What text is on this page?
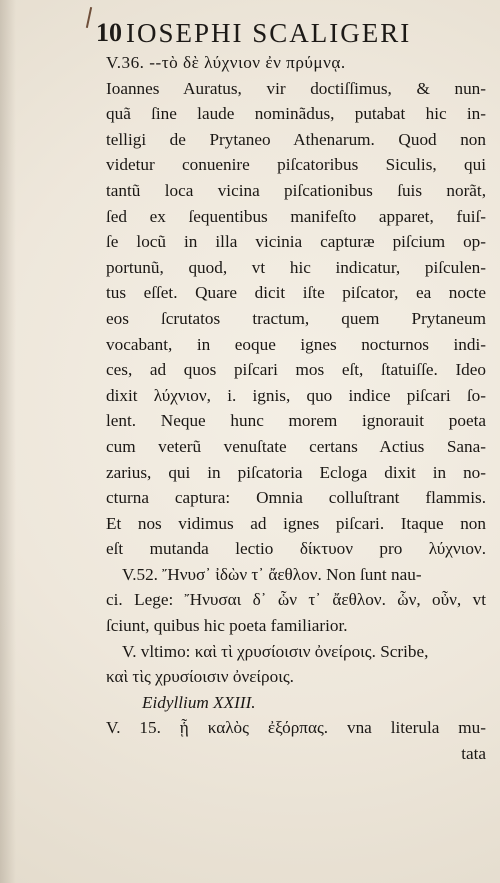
10 IOSEPHI SCALIGERI
V.36. --τὸ δὲ λύχνιον ἐν πρύμνᾳ.
Ioannes Auratus, vir doctiſſimus, & nun-
quã ſine laude nominãdus, putabat hic in-
telligi de Prytaneo Athenarum. Quod non
videtur conuenire piſcatoribus Siculis, qui
tantũ loca vicina piſcationibus ſuis norãt,
ſed ex ſequentibus manifeſto apparet, fuiſ-
ſe locũ in illa vicinia capturæ piſcium op-
portunũ, quod, vt hic indicatur, piſculen-
tus eſſet. Quare dicit iſte piſcator, ea nocte
eos ſcrutatos tractum, quem Prytaneum
vocabant, in eoque ignes nocturnos indi-
ces, ad quos piſcari mos eſt, ſtatuiſſe. Ideo
dixit λύχνιον, i. ignis, quo indice piſcari ſo-
lent. Neque hunc morem ignorauit poeta
cum veterũ venuſtate certans Actius Sana-
zarius, qui in piſcatoria Ecloga dixit in no-
cturna captura: Omnia colluſtrant flammis.
Et nos vidimus ad ignes piſcari. Itaque non
eſt mutanda lectio δίκτυον pro λύχνιον.
V.52. Ἤνυσ᾽ ἰδὼν τ᾽ ἄεθλον. Non ſunt nau-
ci. Lege: Ἤνυσαι δ᾽ ὧν τ᾽ ἄεθλον. ὧν, οὖν, vt
ſciunt, quibus hic poeta familiarior.
V. vltimo: καὶ τὶ χρυσίοισιν ὀνείροις. Scribe,
καὶ τὶς χρυσίοισιν ὀνείροις.
Eidyllium XXIII.
V. 15. ᾗ καλὸς ἐξόρπας. vna literula mu-
tata
